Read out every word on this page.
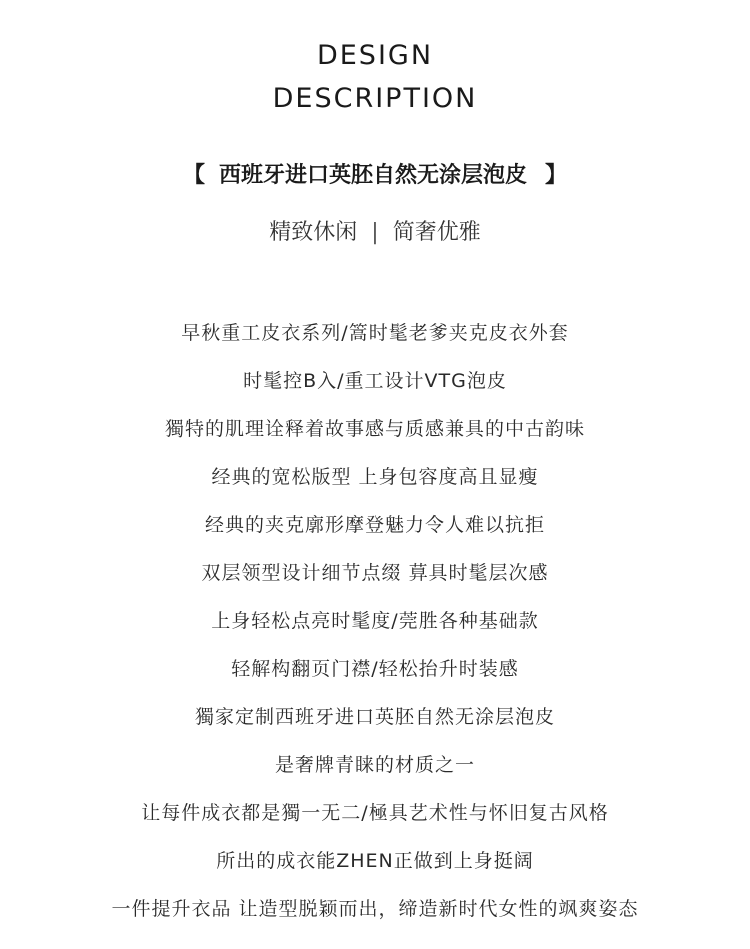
DESIGN
DESCRIPTION
【 西班牙进口英胚自然无涂层泡皮 】
精致休闲 | 简奢优雅
早秋重工皮衣系列/篙时髦老爹夹克皮衣外套
时髦控B入/重工设计VTG泡皮
獨特的肌理诠释着故事感与质感兼具的中古韵味
经典的宽松版型 上身包容度高且显瘦
经典的夹克廓形摩登魅力令人难以抗拒
双层领型设计细节点缀 萛具时髦层次感
上身轻松点亮时髦度/莞胜各种基础款
轻解构翻页门襟/轻松抬升时装感
獨家定制西班牙进口英胚自然无涂层泡皮
是奢牌青睐的材质之一
让每件成衣都是獨一无二/極具艺术性与怀旧复古风格
所出的成衣能ZHEN正做到上身挺阔
一件提升衣品 让造型脱颖而出，缔造新时代女性的飒爽姿态
